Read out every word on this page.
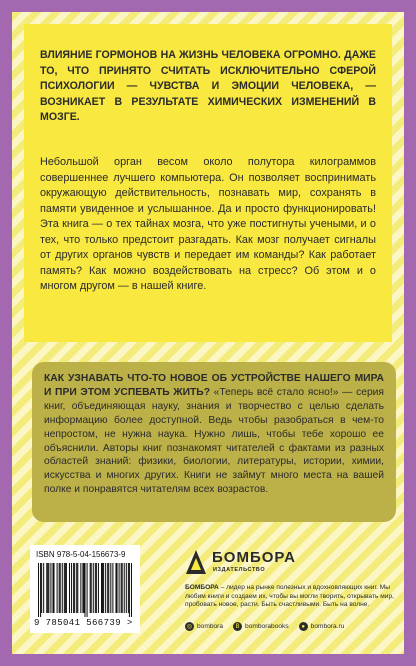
ВЛИЯНИЕ ГОРМОНОВ НА ЖИЗНЬ ЧЕЛОВЕКА ОГРОМНО. ДАЖЕ ТО, ЧТО ПРИНЯТО СЧИТАТЬ ИСКЛЮЧИТЕЛЬНО СФЕРОЙ ПСИХОЛОГИИ — ЧУВСТВА И ЭМОЦИИ ЧЕЛОВЕКА, — ВОЗНИКАЕТ В РЕЗУЛЬТАТЕ ХИМИЧЕСКИХ ИЗМЕНЕНИЙ В МОЗГЕ.

Небольшой орган весом около полутора килограммов совершеннее лучшего компьютера. Он позволяет воспринимать окружающую действительность, познавать мир, сохранять в памяти увиденное и услышанное. Да и просто функционировать! Эта книга — о тех тайнах мозга, что уже постигнуты учеными, и о тех, что только предстоит разгадать. Как мозг получает сигналы от других органов чувств и передает им команды? Как работает память? Как можно воздействовать на стресс? Об этом и о многом другом — в нашей книге.

КАК УЗНАВАТЬ ЧТО-ТО НОВОЕ ОБ УСТРОЙСТВЕ НАШЕГО МИРА И ПРИ ЭТОМ УСПЕВАТЬ ЖИТЬ? «Теперь всё стало ясно!» — серия книг, объединяющая науку, знания и творчество с целью сделать информацию более доступной. Ведь чтобы разобраться в чем-то непростом, не нужна наука. Нужно лишь, чтобы тебе хорошо ее объяснили. Авторы книг познакомят читателей с фактами из разных областей знаний: физики, биологии, литературы, истории, химии, искусства и многих других. Книги не займут много места на вашей полке и понравятся читателям всех возрастов.

ISBN 978-5-04-156673-9
9 785041 566739 >
БОМБОРА
ИЗДАТЕЛЬСТВО

БОМБОРА – лидер на рынке полезных и вдохновляющих книг. Мы любим книги и создаем их, чтобы вы могли творить, открывать мир, пробовать новое, расти. Быть счастливыми. Быть на волне.

◎ bombora	B bomborabooks	● bombora.ru
